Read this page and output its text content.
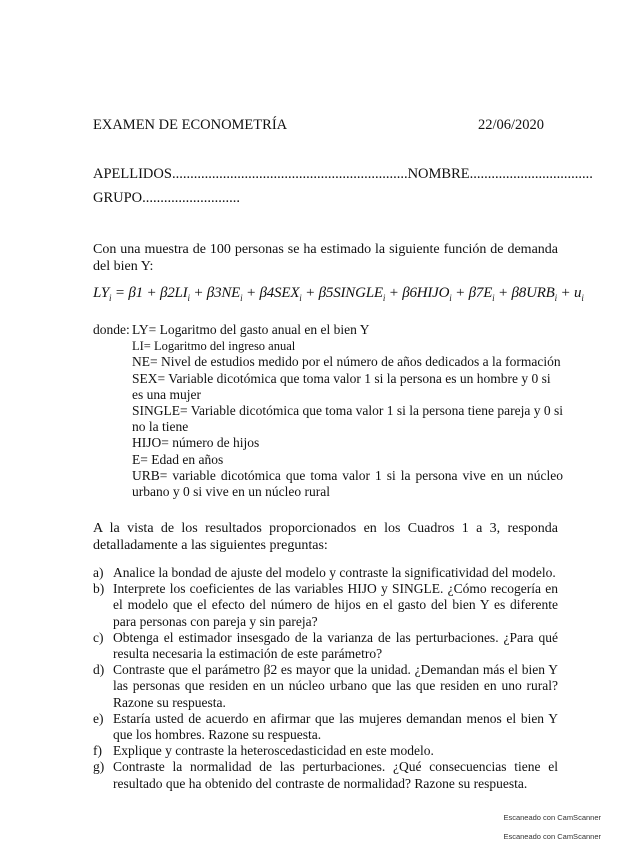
EXAMEN DE ECONOMETRÍA	22/06/2020
APELLIDOS.................................................................NOMBRE..................................
GRUPO...........................
Con una muestra de 100 personas se ha estimado la siguiente función de demanda del bien Y:
$LY_i = \beta 1 + \beta 2LI_i + \beta 3NE_i + \beta 4SEX_i$ + $\beta 5SINGLE_i$ + $\beta 6HIJO_i + \beta 7E_i + \beta 8URB_i + u_i$
donde: LY= Logaritmo del gasto anual en el bien Y
LI= Logaritmo del ingreso anual
NE= Nivel de estudios medido por el número de años dedicados a la formación
SEX= Variable dicotómica que toma valor 1 si la persona es un hombre y 0 si es una mujer
SINGLE= Variable dicotómica que toma valor 1 si la persona tiene pareja y 0 si no la tiene
HIJO= número de hijos
E= Edad en años
URB= variable dicotómica que toma valor 1 si la persona vive en un núcleo urbano y 0 si vive en un núcleo rural
A la vista de los resultados proporcionados en los Cuadros 1 a 3, responda detalladamente a las siguientes preguntas:
a) Analice la bondad de ajuste del modelo y contraste la significatividad del modelo.
b) Interprete los coeficientes de las variables HIJO y SINGLE. ¿Cómo recogería en el modelo que el efecto del número de hijos en el gasto del bien Y es diferente para personas con pareja y sin pareja?
c) Obtenga el estimador insesgado de la varianza de las perturbaciones. ¿Para qué resulta necesaria la estimación de este parámetro?
d) Contraste que el parámetro β2 es mayor que la unidad. ¿Demandan más el bien Y las personas que residen en un núcleo urbano que las que residen en uno rural? Razone su respuesta.
e) Estaría usted de acuerdo en afirmar que las mujeres demandan menos el bien Y que los hombres. Razone su respuesta.
f) Explique y contraste la heteroscedasticidad en este modelo.
g) Contraste la normalidad de las perturbaciones. ¿Qué consecuencias tiene el resultado que ha obtenido del contraste de normalidad? Razone su respuesta.
Escaneado con CamScanner
Escaneado con CamScanner
